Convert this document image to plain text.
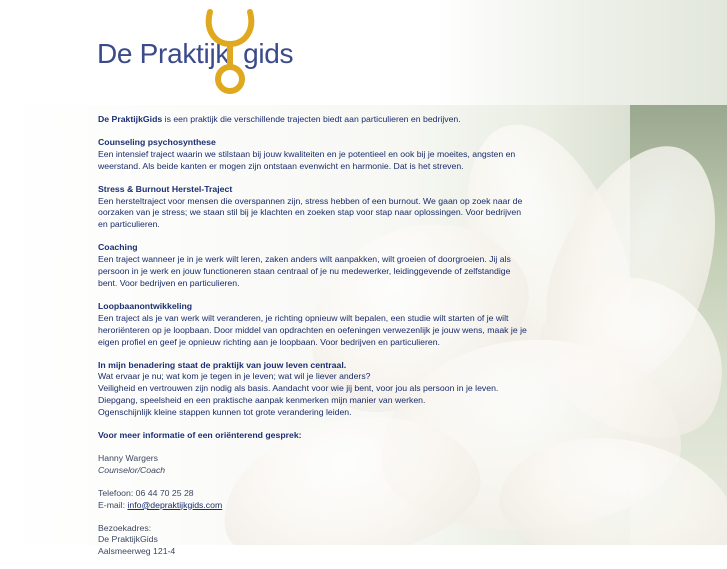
De Praktijk gids

De PraktijkGids is een praktijk die verschillende trajecten biedt aan particulieren en bedrijven.

Counseling psychosynthese
Een intensief traject waarin we stilstaan bij jouw kwaliteiten en je potentieel en ook bij je moeites, angsten en
weerstand. Als beide kanten er mogen zijn ontstaan evenwicht en harmonie. Dat is het streven.

Stress & Burnout Herstel-Traject
Een hersteltraject voor mensen die overspannen zijn, stress hebben of een burnout. We gaan op zoek naar de
oorzaken van je stress; we staan stil bij je klachten en zoeken stap voor stap naar oplossingen. Voor bedrijven
en particulieren.

Coaching
Een traject wanneer je in je werk wilt leren, zaken anders wilt aanpakken, wilt groeien of doorgroeien. Jij als
persoon in je werk en jouw functioneren staan centraal of je nu medewerker, leidinggevende of zelfstandige
bent. Voor bedrijven en particulieren.

Loopbaanontwikkeling
Een traject als je van werk wilt veranderen, je richting opnieuw wilt bepalen, een studie wilt starten of je wilt
heroriënteren op je loopbaan. Door middel van opdrachten en oefeningen verwezenlijk je jouw wens, maak je je
eigen profiel en geef je opnieuw richting aan je loopbaan. Voor bedrijven en particulieren.

In mijn benadering staat de praktijk van jouw leven centraal.
Wat ervaar je nu; wat kom je tegen in je leven; wat wil je liever anders?
Veiligheid en vertrouwen zijn nodig als basis. Aandacht voor wie jij bent, voor jou als persoon in je leven.
Diepgang, speelsheid en een praktische aanpak kenmerken mijn manier van werken.
Ogenschijnlijk kleine stappen kunnen tot grote verandering leiden.

Voor meer informatie of een oriënterend gesprek:

Hanny Wargers
Counselor/Coach

Telefoon: 06 44 70 25 28
E-mail: info@depraktijkgids.com

Bezoekadres:
De PraktijkGids
Aalsmeerweg 121-4
